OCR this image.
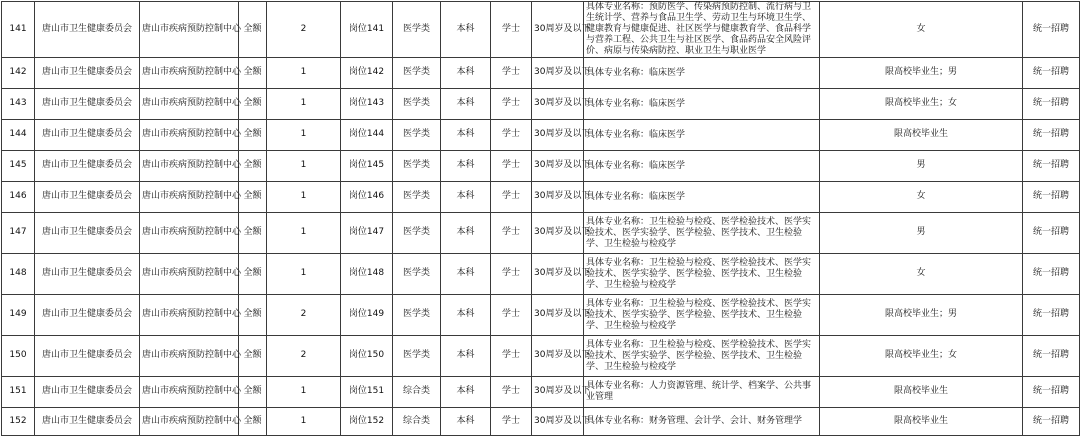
141	唐山市卫生健康委员会	唐山市疾病预防控制中心	全额	2	岗位141	医学类	本科	学士	30周岁及以下	具体专业名称：预防医学、传染病预防控制、流行病与卫生统计学、营养与食品卫生学、劳动卫生与环境卫生学、健康教育与健康促进、社区医学与健康教育学、食品科学与营养工程、公共卫生与社区医学、食品药品安全风险评价、病原与传染病防控、职业卫生与职业医学	女	统一招聘
142	唐山市卫生健康委员会	唐山市疾病预防控制中心	全额	1	岗位142	医学类	本科	学士	30周岁及以下	具体专业名称：临床医学	限高校毕业生；男	统一招聘
143	唐山市卫生健康委员会	唐山市疾病预防控制中心	全额	1	岗位143	医学类	本科	学士	30周岁及以下	具体专业名称：临床医学	限高校毕业生；女	统一招聘
144	唐山市卫生健康委员会	唐山市疾病预防控制中心	全额	1	岗位144	医学类	本科	学士	30周岁及以下	具体专业名称：临床医学	限高校毕业生	统一招聘
145	唐山市卫生健康委员会	唐山市疾病预防控制中心	全额	1	岗位145	医学类	本科	学士	30周岁及以下	具体专业名称：临床医学	男	统一招聘
146	唐山市卫生健康委员会	唐山市疾病预防控制中心	全额	1	岗位146	医学类	本科	学士	30周岁及以下	具体专业名称：临床医学	女	统一招聘
147	唐山市卫生健康委员会	唐山市疾病预防控制中心	全额	1	岗位147	医学类	本科	学士	30周岁及以下	具体专业名称：卫生检验与检疫、医学检验技术、医学实验技术、医学实验学、医学检验、医学技术、卫生检验学、卫生检验与检疫学	男	统一招聘
148	唐山市卫生健康委员会	唐山市疾病预防控制中心	全额	1	岗位148	医学类	本科	学士	30周岁及以下	具体专业名称：卫生检验与检疫、医学检验技术、医学实验技术、医学实验学、医学检验、医学技术、卫生检验学、卫生检验与检疫学	女	统一招聘
149	唐山市卫生健康委员会	唐山市疾病预防控制中心	全额	2	岗位149	医学类	本科	学士	30周岁及以下	具体专业名称：卫生检验与检疫、医学检验技术、医学实验技术、医学实验学、医学检验、医学技术、卫生检验学、卫生检验与检疫学	限高校毕业生；男	统一招聘
150	唐山市卫生健康委员会	唐山市疾病预防控制中心	全额	2	岗位150	医学类	本科	学士	30周岁及以下	具体专业名称：卫生检验与检疫、医学检验技术、医学实验技术、医学实验学、医学检验、医学技术、卫生检验学、卫生检验与检疫学	限高校毕业生；女	统一招聘
151	唐山市卫生健康委员会	唐山市疾病预防控制中心	全额	1	岗位151	综合类	本科	学士	30周岁及以下	具体专业名称：人力资源管理、统计学、档案学、公共事业管理	限高校毕业生	统一招聘
152	唐山市卫生健康委员会	唐山市疾病预防控制中心	全额	1	岗位152	综合类	本科	学士	30周岁及以下	具体专业名称：财务管理、会计学、会计、财务管理学	限高校毕业生	统一招聘
